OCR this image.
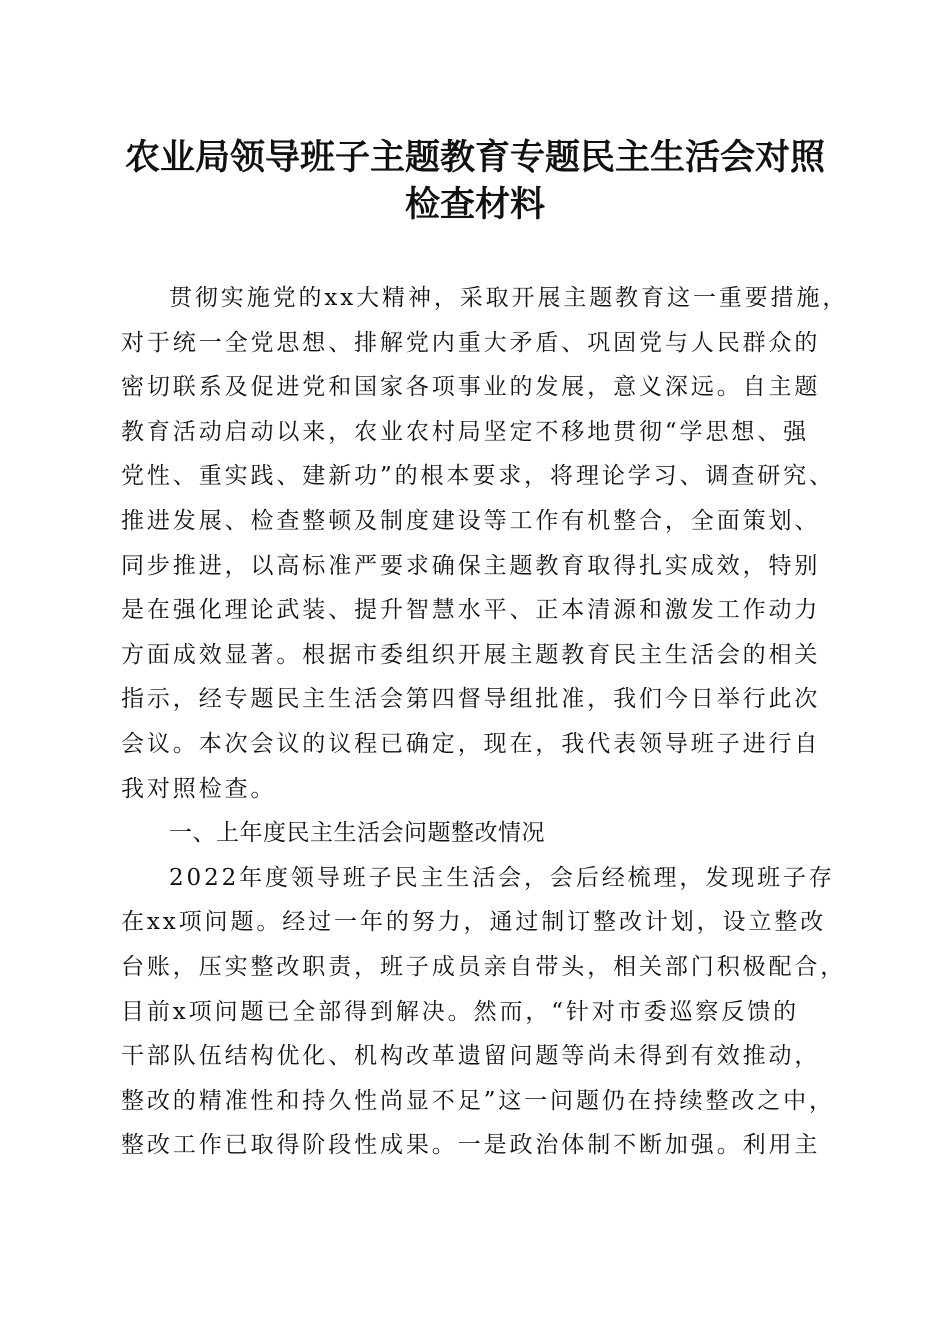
农业局领导班子主题教育专题民主生活会对照
检查材料
贯彻实施党的xx大精神，采取开展主题教育这一重要措施，
对于统一全党思想、排解党内重大矛盾、巩固党与人民群众的
密切联系及促进党和国家各项事业的发展，意义深远。自主题
教育活动启动以来，农业农村局坚定不移地贯彻“学思想、强
党性、重实践、建新功”的根本要求，将理论学习、调查研究、
推进发展、检查整顿及制度建设等工作有机整合，全面策划、
同步推进，以高标准严要求确保主题教育取得扎实成效，特别
是在强化理论武装、提升智慧水平、正本清源和激发工作动力
方面成效显著。根据市委组织开展主题教育民主生活会的相关
指示，经专题民主生活会第四督导组批准，我们今日举行此次
会议。本次会议的议程已确定，现在，我代表领导班子进行自
我对照检查。
一、上年度民主生活会问题整改情况
2022年度领导班子民主生活会，会后经梳理，发现班子存
在xx项问题。经过一年的努力，通过制订整改计划，设立整改
台账，压实整改职责，班子成员亲自带头，相关部门积极配合，
目前x项问题已全部得到解决。然而，“针对市委巡察反馈的
干部队伍结构优化、机构改革遗留问题等尚未得到有效推动，
整改的精准性和持久性尚显不足”这一问题仍在持续整改之中，
整改工作已取得阶段性成果。一是政治体制不断加强。利用主
